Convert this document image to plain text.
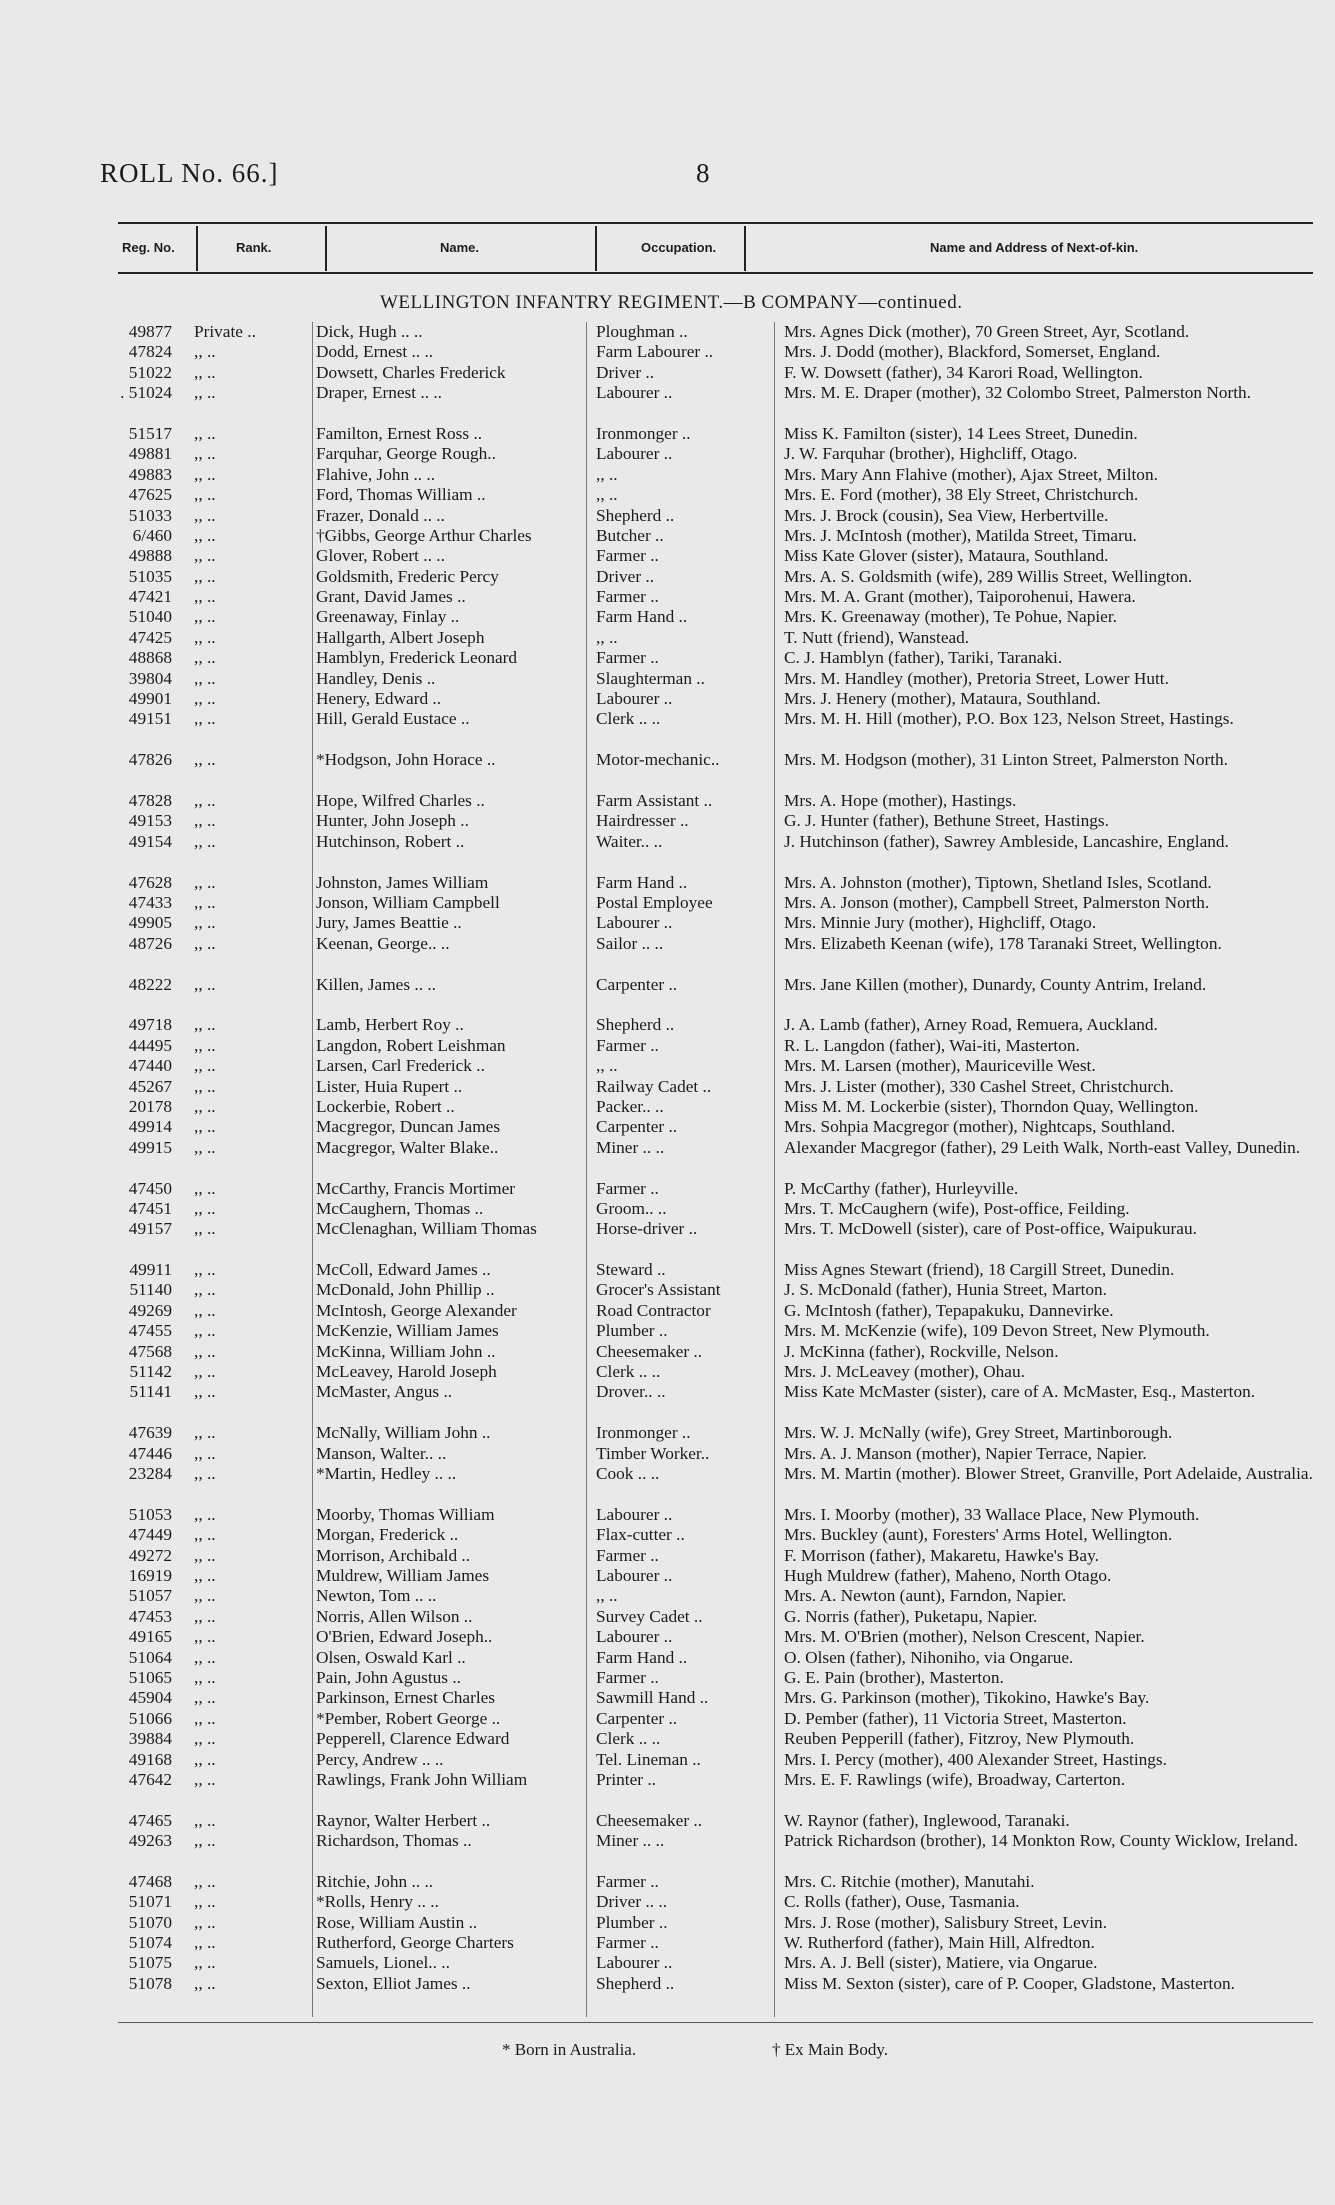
ROLL No. 66.]	8
Reg. No.	Rank.	Name.	Occupation.	Name and Address of Next-of-kin.
WELLINGTON INFANTRY REGIMENT.—B COMPANY—continued.
49877 Private ..	Dick, Hugh .. ..	Ploughman ..	Mrs. Agnes Dick (mother), 70 Green Street, Ayr, Scotland.
47824 ,, ..	Dodd, Ernest .. ..	Farm Labourer ..	Mrs. J. Dodd (mother), Blackford, Somerset, England.
51022 ,, ..	Dowsett, Charles Frederick	Driver ..	F. W. Dowsett (father), 34 Karori Road, Wellington.
. 51024 ,, ..	Draper, Ernest .. ..	Labourer ..	Mrs. M. E. Draper (mother), 32 Colombo Street, Palmerston North.
51517 ,, ..	Familton, Ernest Ross ..	Ironmonger ..	Miss K. Familton (sister), 14 Lees Street, Dunedin.
49881 ,, ..	Farquhar, George Rough..	Labourer ..	J. W. Farquhar (brother), Highcliff, Otago.
49883 ,, ..	Flahive, John .. ..	,, ..	Mrs. Mary Ann Flahive (mother), Ajax Street, Milton.
47625 ,, ..	Ford, Thomas William ..	,, ..	Mrs. E. Ford (mother), 38 Ely Street, Christchurch.
51033 ,, ..	Frazer, Donald .. ..	Shepherd ..	Mrs. J. Brock (cousin), Sea View, Herbertville.
6/460 ,, ..	†Gibbs, George Arthur Charles	Butcher ..	Mrs. J. McIntosh (mother), Matilda Street, Timaru.
49888 ,, ..	Glover, Robert .. ..	Farmer ..	Miss Kate Glover (sister), Mataura, Southland.
51035 ,, ..	Goldsmith, Frederic Percy	Driver ..	Mrs. A. S. Goldsmith (wife), 289 Willis Street, Wellington.
47421 ,, ..	Grant, David James ..	Farmer ..	Mrs. M. A. Grant (mother), Taiporohenui, Hawera.
51040 ,, ..	Greenaway, Finlay ..	Farm Hand ..	Mrs. K. Greenaway (mother), Te Pohue, Napier.
47425 ,, ..	Hallgarth, Albert Joseph	,, ..	T. Nutt (friend), Wanstead.
48868 ,, ..	Hamblyn, Frederick Leonard	Farmer ..	C. J. Hamblyn (father), Tariki, Taranaki.
39804 ,, ..	Handley, Denis ..	Slaughterman ..	Mrs. M. Handley (mother), Pretoria Street, Lower Hutt.
49901 ,, ..	Henery, Edward ..	Labourer ..	Mrs. J. Henery (mother), Mataura, Southland.
49151 ,, ..	Hill, Gerald Eustace ..	Clerk .. ..	Mrs. M. H. Hill (mother), P.O. Box 123, Nelson Street, Hastings.
47826 ,, ..	*Hodgson, John Horace ..	Motor-mechanic..	Mrs. M. Hodgson (mother), 31 Linton Street, Palmerston North.
47828 ,, ..	Hope, Wilfred Charles ..	Farm Assistant ..	Mrs. A. Hope (mother), Hastings.
49153 ,, ..	Hunter, John Joseph ..	Hairdresser ..	G. J. Hunter (father), Bethune Street, Hastings.
49154 ,, ..	Hutchinson, Robert ..	Waiter.. ..	J. Hutchinson (father), Sawrey Ambleside, Lancashire, England.
47628 ,, ..	Johnston, James William	Farm Hand ..	Mrs. A. Johnston (mother), Tiptown, Shetland Isles, Scotland.
47433 ,, ..	Jonson, William Campbell	Postal Employee	Mrs. A. Jonson (mother), Campbell Street, Palmerston North.
49905 ,, ..	Jury, James Beattie ..	Labourer ..	Mrs. Minnie Jury (mother), Highcliff, Otago.
48726 ,, ..	Keenan, George.. ..	Sailor .. ..	Mrs. Elizabeth Keenan (wife), 178 Taranaki Street, Wellington.
48222 ,, ..	Killen, James .. ..	Carpenter ..	Mrs. Jane Killen (mother), Dunardy, County Antrim, Ireland.
49718 ,, ..	Lamb, Herbert Roy ..	Shepherd ..	J. A. Lamb (father), Arney Road, Remuera, Auckland.
44495 ,, ..	Langdon, Robert Leishman	Farmer ..	R. L. Langdon (father), Wai-iti, Masterton.
47440 ,, ..	Larsen, Carl Frederick ..	,, ..	Mrs. M. Larsen (mother), Mauriceville West.
45267 ,, ..	Lister, Huia Rupert ..	Railway Cadet ..	Mrs. J. Lister (mother), 330 Cashel Street, Christchurch.
20178 ,, ..	Lockerbie, Robert ..	Packer.. ..	Miss M. M. Lockerbie (sister), Thorndon Quay, Wellington.
49914 ,, ..	Macgregor, Duncan James	Carpenter ..	Mrs. Sohpia Macgregor (mother), Nightcaps, Southland.
49915 ,, ..	Macgregor, Walter Blake..	Miner .. ..	Alexander Macgregor (father), 29 Leith Walk, North-east Valley, Dunedin.
47450 ,, ..	McCarthy, Francis Mortimer	Farmer ..	P. McCarthy (father), Hurleyville.
47451 ,, ..	McCaughern, Thomas ..	Groom.. ..	Mrs. T. McCaughern (wife), Post-office, Feilding.
49157 ,, ..	McClenaghan, William Thomas	Horse-driver ..	Mrs. T. McDowell (sister), care of Post-office, Waipukurau.
49911 ,, ..	McColl, Edward James ..	Steward ..	Miss Agnes Stewart (friend), 18 Cargill Street, Dunedin.
51140 ,, ..	McDonald, John Phillip ..	Grocer's Assistant	J. S. McDonald (father), Hunia Street, Marton.
49269 ,, ..	McIntosh, George Alexander	Road Contractor	G. McIntosh (father), Tepapakuku, Dannevirke.
47455 ,, ..	McKenzie, William James	Plumber ..	Mrs. M. McKenzie (wife), 109 Devon Street, New Plymouth.
47568 ,, ..	McKinna, William John ..	Cheesemaker ..	J. McKinna (father), Rockville, Nelson.
51142 ,, ..	McLeavey, Harold Joseph	Clerk .. ..	Mrs. J. McLeavey (mother), Ohau.
51141 ,, ..	McMaster, Angus ..	Drover.. ..	Miss Kate McMaster (sister), care of A. McMaster, Esq., Masterton.
47639 ,, ..	McNally, William John ..	Ironmonger ..	Mrs. W. J. McNally (wife), Grey Street, Martinborough.
47446 ,, ..	Manson, Walter.. ..	Timber Worker..	Mrs. A. J. Manson (mother), Napier Terrace, Napier.
23284 ,, ..	*Martin, Hedley .. ..	Cook .. ..	Mrs. M. Martin (mother). Blower Street, Granville, Port Adelaide, Australia.
51053 ,, ..	Moorby, Thomas William	Labourer ..	Mrs. I. Moorby (mother), 33 Wallace Place, New Plymouth.
47449 ,, ..	Morgan, Frederick ..	Flax-cutter ..	Mrs. Buckley (aunt), Foresters' Arms Hotel, Wellington.
49272 ,, ..	Morrison, Archibald ..	Farmer ..	F. Morrison (father), Makaretu, Hawke's Bay.
16919 ,, ..	Muldrew, William James	Labourer ..	Hugh Muldrew (father), Maheno, North Otago.
51057 ,, ..	Newton, Tom .. ..	,, ..	Mrs. A. Newton (aunt), Farndon, Napier.
47453 ,, ..	Norris, Allen Wilson ..	Survey Cadet ..	G. Norris (father), Puketapu, Napier.
49165 ,, ..	O'Brien, Edward Joseph..	Labourer ..	Mrs. M. O'Brien (mother), Nelson Crescent, Napier.
51064 ,, ..	Olsen, Oswald Karl ..	Farm Hand ..	O. Olsen (father), Nihoniho, via Ongarue.
51065 ,, ..	Pain, John Agustus ..	Farmer ..	G. E. Pain (brother), Masterton.
45904 ,, ..	Parkinson, Ernest Charles	Sawmill Hand ..	Mrs. G. Parkinson (mother), Tikokino, Hawke's Bay.
51066 ,, ..	*Pember, Robert George ..	Carpenter ..	D. Pember (father), 11 Victoria Street, Masterton.
39884 ,, ..	Pepperell, Clarence Edward	Clerk .. ..	Reuben Pepperill (father), Fitzroy, New Plymouth.
49168 ,, ..	Percy, Andrew .. ..	Tel. Lineman ..	Mrs. I. Percy (mother), 400 Alexander Street, Hastings.
47642 ,, ..	Rawlings, Frank John William	Printer ..	Mrs. E. F. Rawlings (wife), Broadway, Carterton.
47465 ,, ..	Raynor, Walter Herbert ..	Cheesemaker ..	W. Raynor (father), Inglewood, Taranaki.
49263 ,, ..	Richardson, Thomas ..	Miner .. ..	Patrick Richardson (brother), 14 Monkton Row, County Wicklow, Ireland.
47468 ,, ..	Ritchie, John .. ..	Farmer ..	Mrs. C. Ritchie (mother), Manutahi.
51071 ,, ..	*Rolls, Henry .. ..	Driver .. ..	C. Rolls (father), Ouse, Tasmania.
51070 ,, ..	Rose, William Austin ..	Plumber ..	Mrs. J. Rose (mother), Salisbury Street, Levin.
51074 ,, ..	Rutherford, George Charters	Farmer ..	W. Rutherford (father), Main Hill, Alfredton.
51075 ,, ..	Samuels, Lionel.. ..	Labourer ..	Mrs. A. J. Bell (sister), Matiere, via Ongarue.
51078 ,, ..	Sexton, Elliot James ..	Shepherd ..	Miss M. Sexton (sister), care of P. Cooper, Gladstone, Masterton.
* Born in Australia.	† Ex Main Body.
